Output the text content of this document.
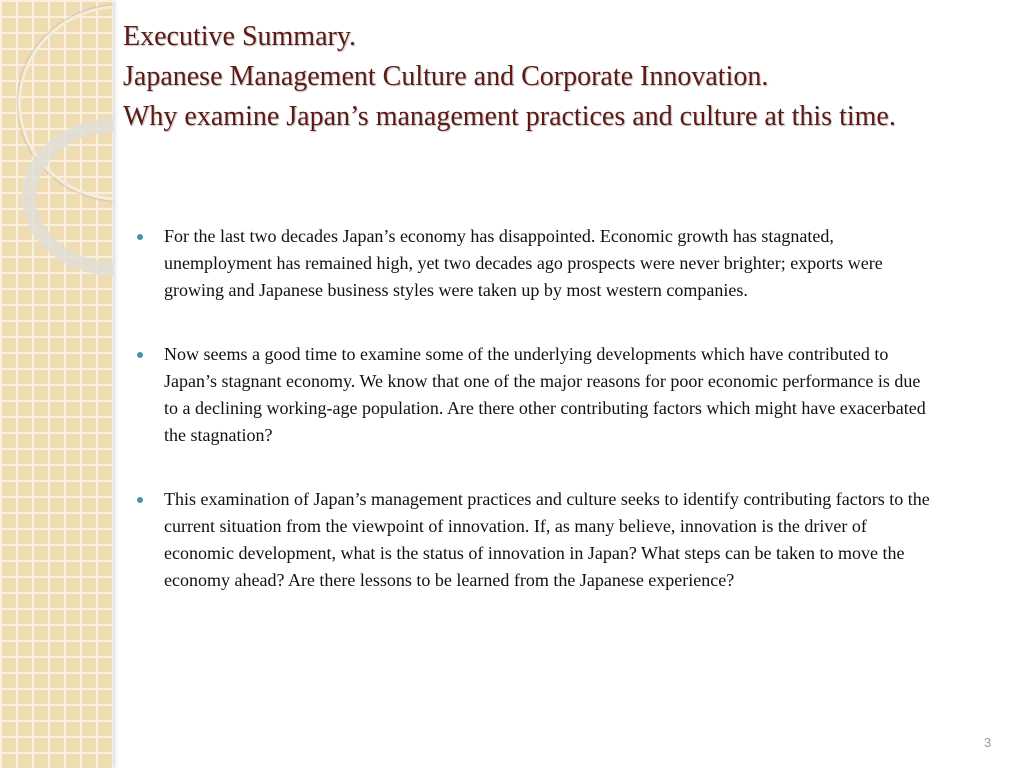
Executive Summary.
Japanese Management Culture and Corporate Innovation.
Why examine Japan’s management practices and culture at this time.
For the last two decades Japan’s economy has disappointed. Economic growth has stagnated, unemployment has remained high, yet two decades ago prospects were never brighter; exports were growing and Japanese business styles were taken up by most western companies.
Now seems a good time to examine some of the underlying developments which have contributed to Japan’s stagnant economy. We know that one of the major reasons for poor economic performance is due to a declining working-age population. Are there other contributing factors which might have exacerbated the stagnation?
This examination of Japan’s management practices and culture seeks to identify contributing factors to the current situation from the viewpoint of innovation. If, as many believe, innovation is the driver of economic development, what is the status of innovation in Japan? What steps can be taken to move the economy ahead? Are there lessons to be learned from the Japanese experience?
3
